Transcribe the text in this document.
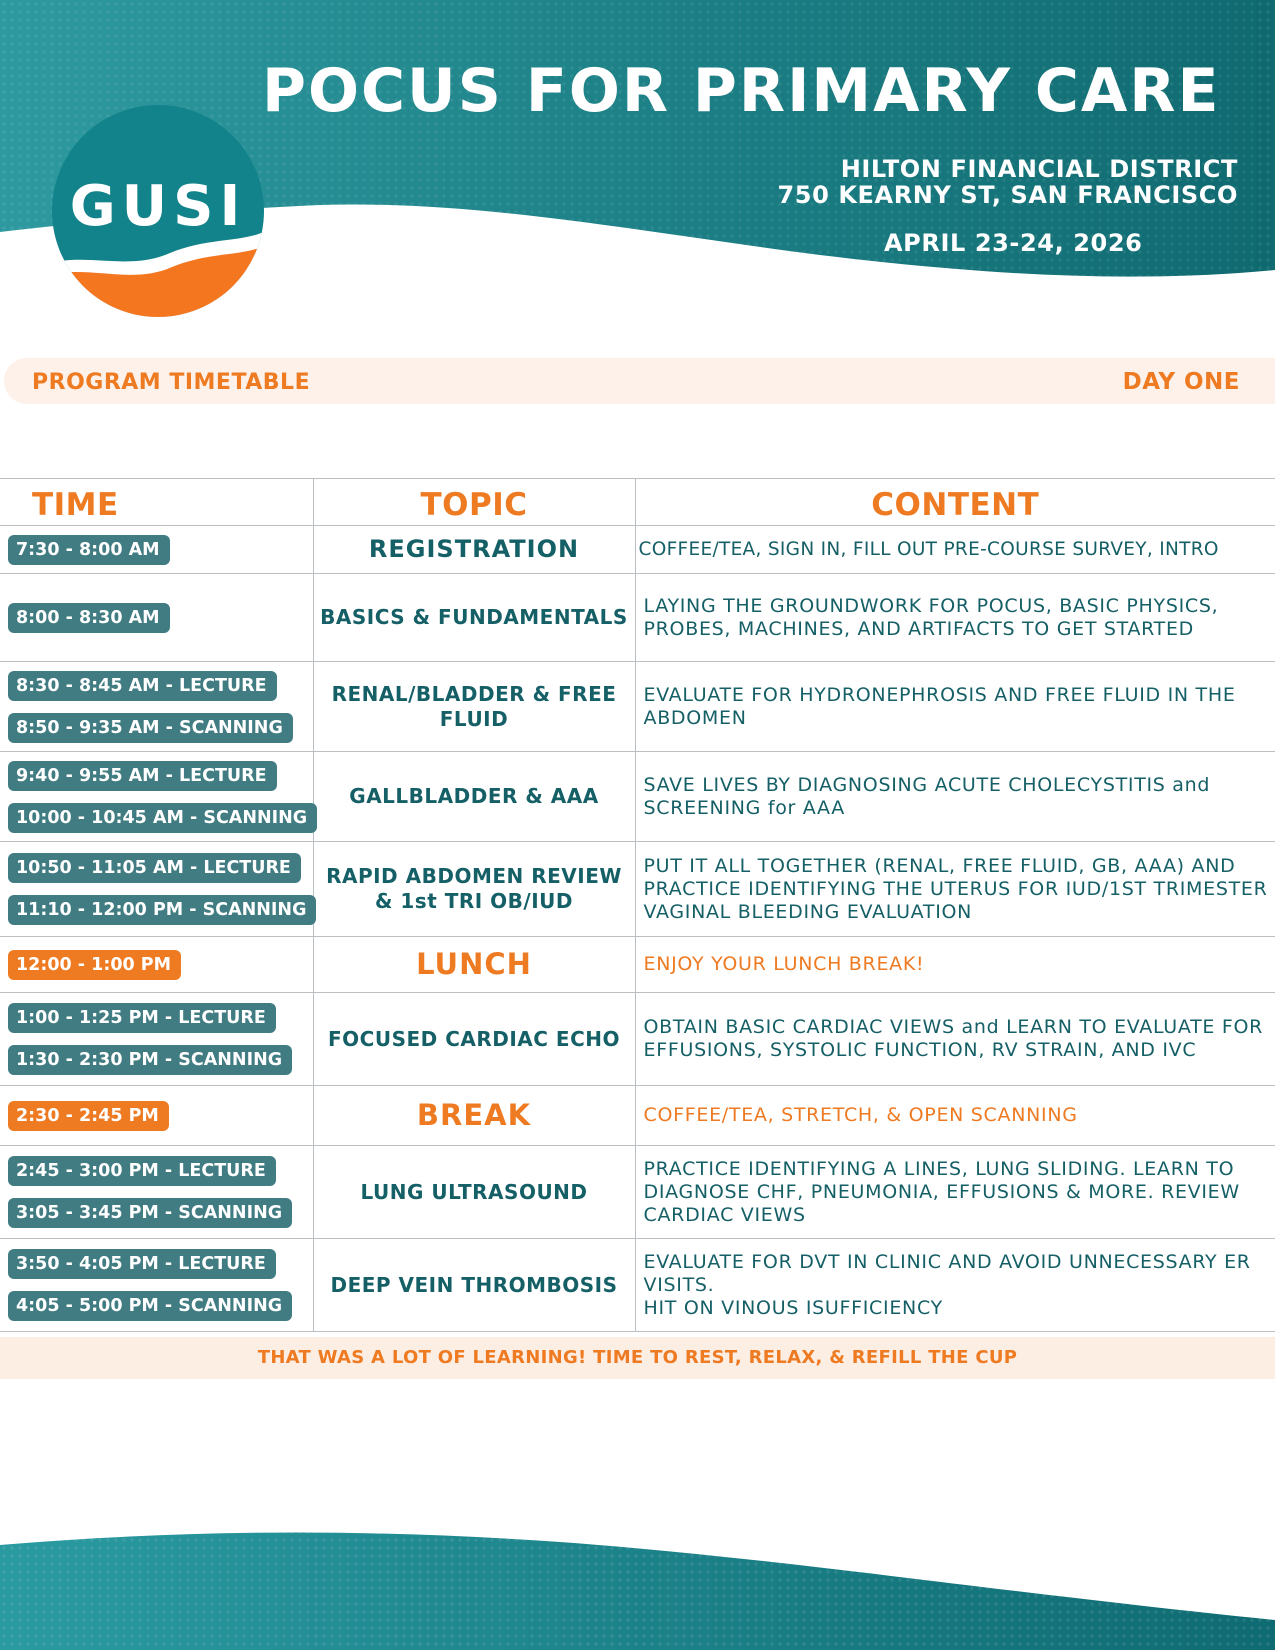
GUSI
POCUS FOR PRIMARY CARE
HILTON FINANCIAL DISTRICT
750 KEARNY ST, SAN FRANCISCO
APRIL 23-24, 2026
PROGRAM TIMETABLE	DAY ONE
TIME	TOPIC	CONTENT

7:30 - 8:00 AM	REGISTRATION	COFFEE/TEA, SIGN IN, FILL OUT PRE-COURSE SURVEY, INTRO

8:00 - 8:30 AM	BASICS & FUNDAMENTALS	LAYING THE GROUNDWORK FOR POCUS, BASIC PHYSICS, PROBES, MACHINES, AND ARTIFACTS TO GET STARTED

8:30 - 8:45 AM - LECTURE
8:50 - 9:35 AM - SCANNING	RENAL/BLADDER & FREE FLUID	EVALUATE FOR HYDRONEPHROSIS AND FREE FLUID IN THE ABDOMEN

9:40 - 9:55 AM - LECTURE
10:00 - 10:45 AM - SCANNING	GALLBLADDER & AAA	SAVE LIVES BY DIAGNOSING ACUTE CHOLECYSTITIS and SCREENING for AAA

10:50 - 11:05 AM - LECTURE
11:10 - 12:00 PM - SCANNING	RAPID ABDOMEN REVIEW & 1st TRI OB/IUD	PUT IT ALL TOGETHER (RENAL, FREE FLUID, GB, AAA) AND PRACTICE IDENTIFYING THE UTERUS FOR IUD/1ST TRIMESTER VAGINAL BLEEDING EVALUATION

12:00 - 1:00 PM	LUNCH	ENJOY YOUR LUNCH BREAK!

1:00 - 1:25 PM - LECTURE
1:30 - 2:30 PM - SCANNING	FOCUSED CARDIAC ECHO	OBTAIN BASIC CARDIAC VIEWS and LEARN TO EVALUATE FOR EFFUSIONS, SYSTOLIC FUNCTION, RV STRAIN, AND IVC

2:30 - 2:45 PM	BREAK	COFFEE/TEA, STRETCH, & OPEN SCANNING

2:45 - 3:00 PM - LECTURE
3:05 - 3:45 PM - SCANNING	LUNG ULTRASOUND	PRACTICE IDENTIFYING A LINES, LUNG SLIDING. LEARN TO DIAGNOSE CHF, PNEUMONIA, EFFUSIONS & MORE. REVIEW CARDIAC VIEWS

3:50 - 4:05 PM - LECTURE
4:05 - 5:00 PM - SCANNING	DEEP VEIN THROMBOSIS	EVALUATE FOR DVT IN CLINIC AND AVOID UNNECESSARY ER VISITS.
HIT ON VINOUS ISUFFICIENCY
THAT WAS A LOT OF LEARNING! TIME TO REST, RELAX, & REFILL THE CUP
